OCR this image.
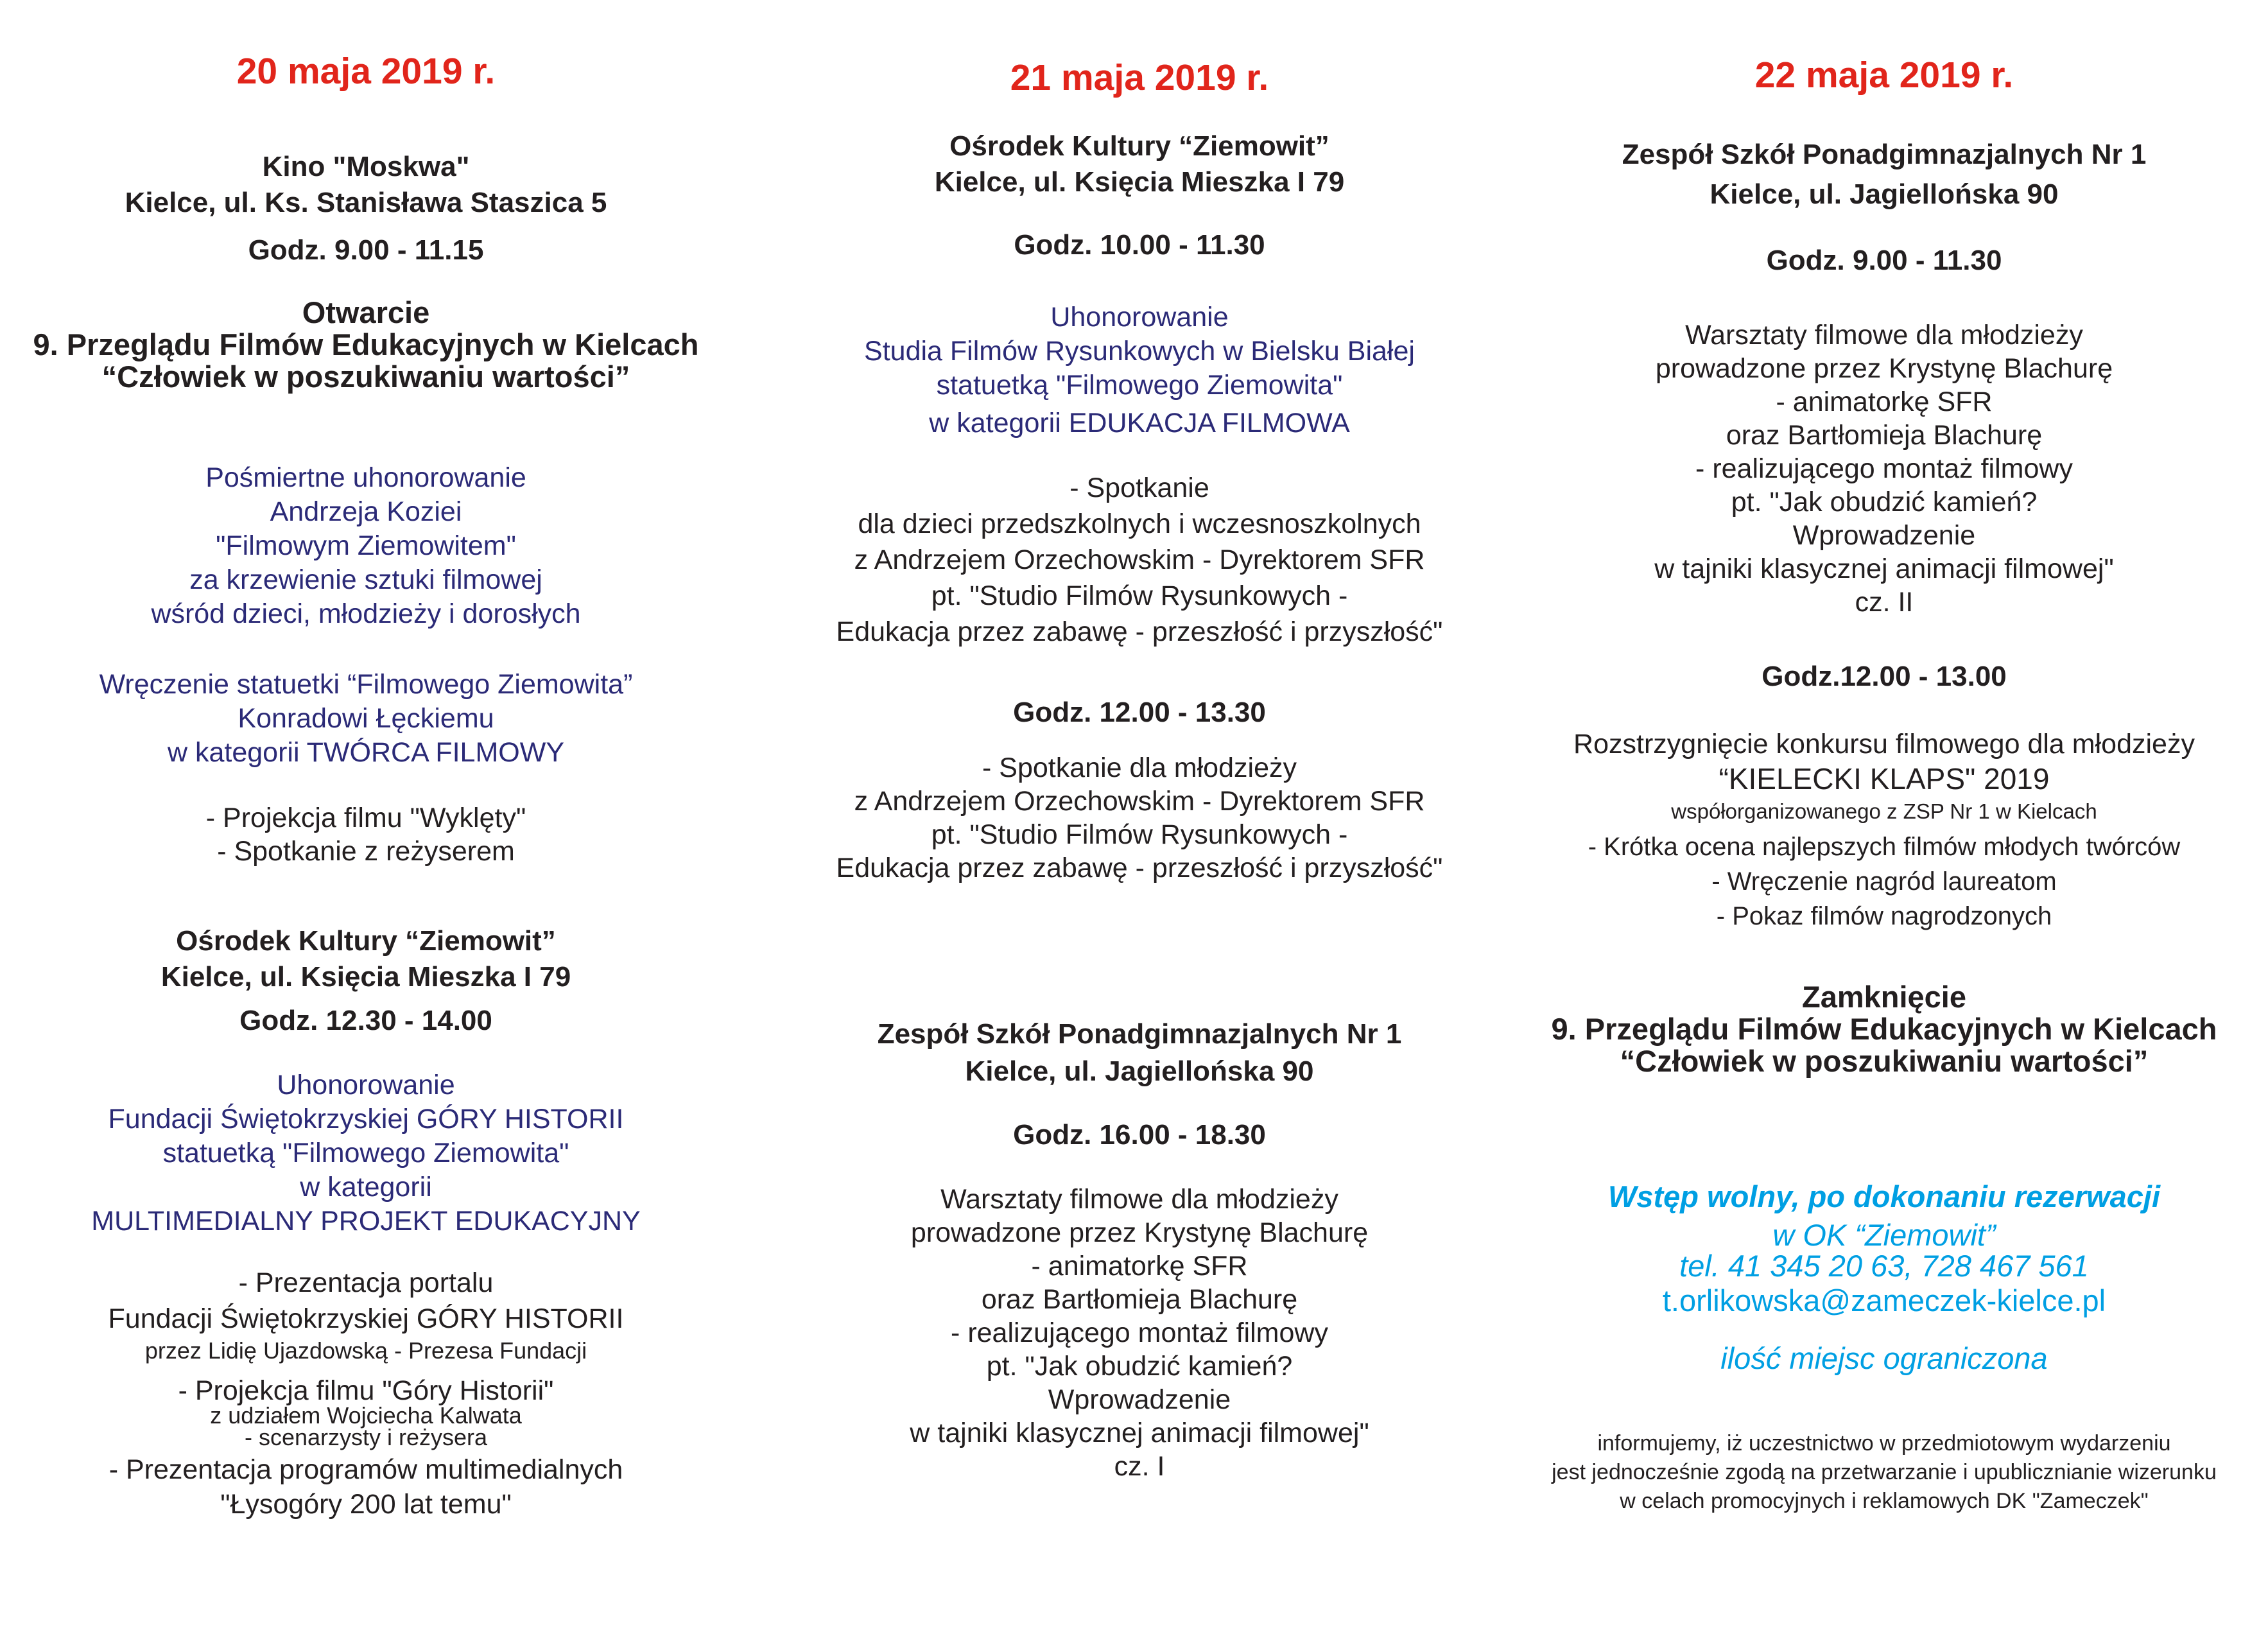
20 maja 2019 r.
Kino "Moskwa"
Kielce, ul. Ks. Stanisława Staszica 5
Godz. 9.00 - 11.15
Otwarcie
9. Przeglądu Filmów Edukacyjnych w Kielcach
“Człowiek w poszukiwaniu wartości”
Pośmiertne uhonorowanie
Andrzeja Koziei
"Filmowym Ziemowitem"
za krzewienie sztuki filmowej
wśród dzieci, młodzieży i dorosłych
Wręczenie statuetki “Filmowego Ziemowita”
Konradowi Łęckiemu
w kategorii TWÓRCA FILMOWY
- Projekcja filmu "Wyklęty"
- Spotkanie z reżyserem
Ośrodek Kultury “Ziemowit”
Kielce, ul. Księcia Mieszka I 79
Godz. 12.30 - 14.00
Uhonorowanie
Fundacji Świętokrzyskiej GÓRY HISTORII
statuetką "Filmowego Ziemowita"
w kategorii
MULTIMEDIALNY PROJEKT EDUKACYJNY
- Prezentacja portalu
Fundacji Świętokrzyskiej GÓRY HISTORII
przez Lidię Ujazdowską - Prezesa Fundacji
- Projekcja filmu "Góry Historii"
z udziałem Wojciecha Kalwata
- scenarzysty i reżysera
- Prezentacja programów multimedialnych
"Łysogóry 200 lat temu"
21 maja 2019 r.
Ośrodek Kultury “Ziemowit”
Kielce, ul. Księcia Mieszka I 79
Godz. 10.00 - 11.30
Uhonorowanie
Studia Filmów Rysunkowych w Bielsku Białej
statuetką "Filmowego Ziemowita"
w kategorii EDUKACJA FILMOWA
- Spotkanie
dla dzieci przedszkolnych i wczesnoszkolnych
z Andrzejem Orzechowskim - Dyrektorem SFR
pt. "Studio Filmów Rysunkowych -
Edukacja przez zabawę - przeszłość i przyszłość"
Godz. 12.00 - 13.30
- Spotkanie dla młodzieży
z Andrzejem Orzechowskim - Dyrektorem SFR
pt. "Studio Filmów Rysunkowych -
Edukacja przez zabawę - przeszłość i przyszłość"
Zespół Szkół Ponadgimnazjalnych Nr 1
Kielce, ul. Jagiellońska 90
Godz. 16.00 - 18.30
Warsztaty filmowe dla młodzieży
prowadzone przez Krystynę Blachurę
- animatorkę SFR
oraz Bartłomieja Blachurę
- realizującego montaż filmowy
pt. "Jak obudzić kamień?
Wprowadzenie
w tajniki klasycznej animacji filmowej"
cz. I
22 maja 2019 r.
Zespół Szkół Ponadgimnazjalnych Nr 1
Kielce, ul. Jagiellońska 90
Godz. 9.00 - 11.30
Warsztaty filmowe dla młodzieży
prowadzone przez Krystynę Blachurę
- animatorkę SFR
oraz Bartłomieja Blachurę
- realizującego montaż filmowy
pt. "Jak obudzić kamień?
Wprowadzenie
w tajniki klasycznej animacji filmowej"
cz. II
Godz.12.00 - 13.00
Rozstrzygnięcie konkursu filmowego dla młodzieży
“KIELECKI KLAPS" 2019
współorganizowanego z ZSP Nr 1 w Kielcach
- Krótka ocena najlepszych filmów młodych twórców
- Wręczenie nagród laureatom
- Pokaz filmów nagrodzonych
Zamknięcie
9. Przeglądu Filmów Edukacyjnych w Kielcach
“Człowiek w poszukiwaniu wartości”
Wstęp wolny, po dokonaniu rezerwacji
w OK “Ziemowit”
tel. 41 345 20 63, 728 467 561
t.orlikowska@zameczek-kielce.pl
ilość miejsc ograniczona
informujemy, iż uczestnictwo w przedmiotowym wydarzeniu
jest jednocześnie zgodą na przetwarzanie i upublicznianie wizerunku
w celach promocyjnych i reklamowych DK "Zameczek"
